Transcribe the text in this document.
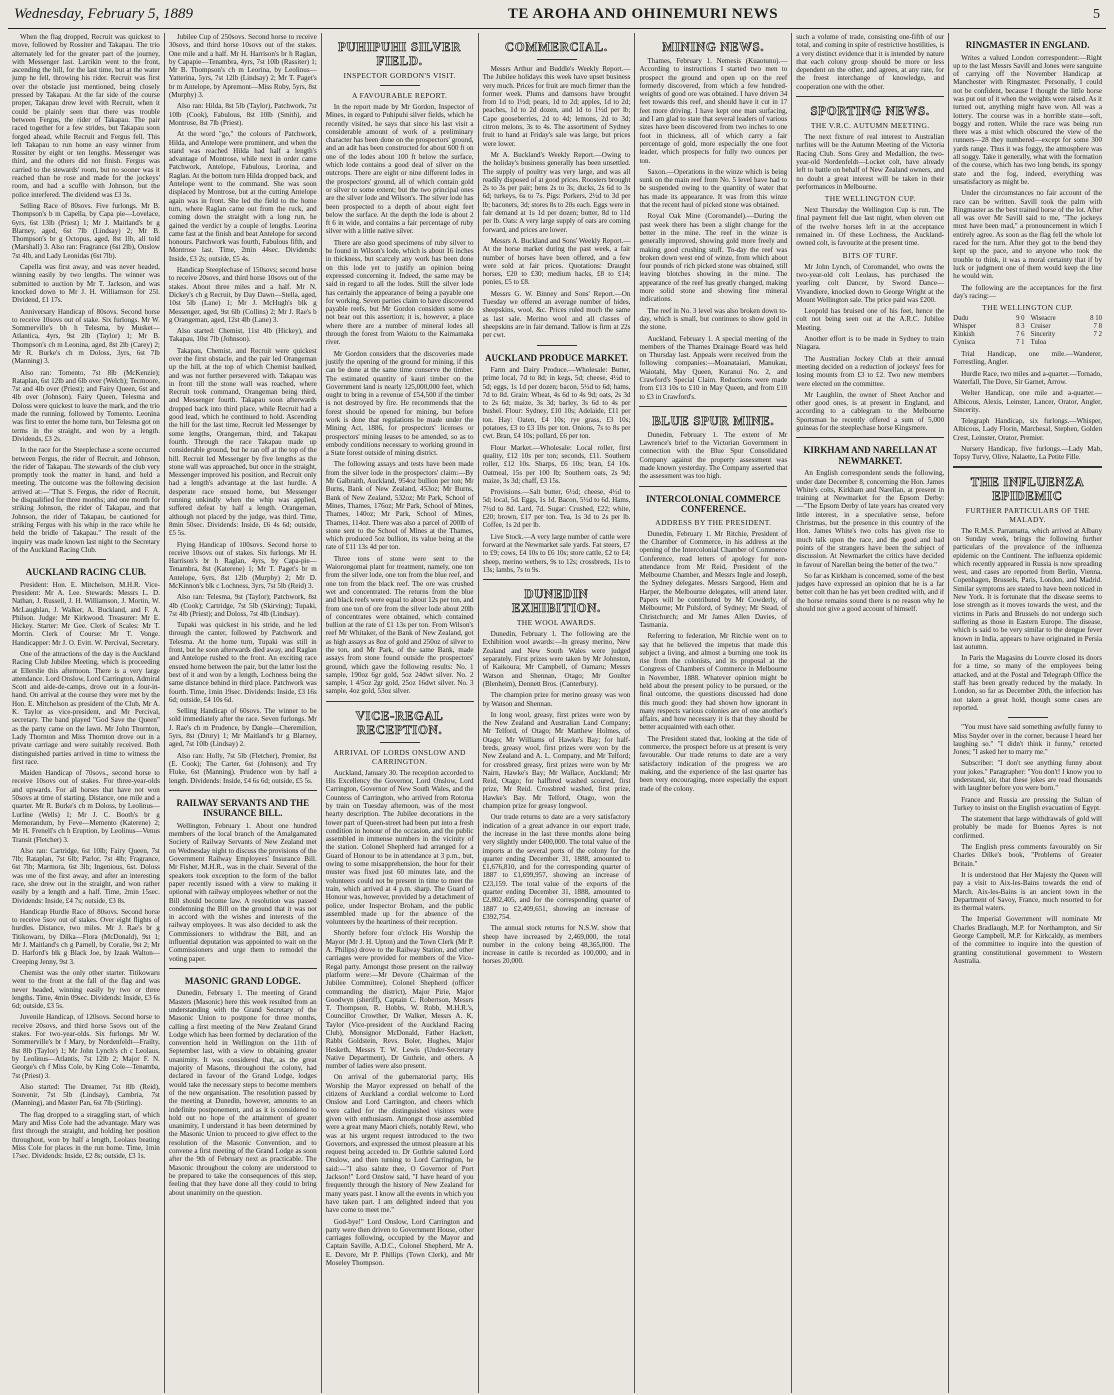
Wednesday, February 5, 1889	TE AROHA AND OHINEMURI NEWS	5

When the flag dropped, Recruit was quickest to move, followed by Rossiter and Takapau. The trio alternately led for the greater part of the journey, with Messenger last. Larrikin went to the front, ascending the hill, for the last time, but at the water jump he fell, throwing his rider. Recruit was first over the obstacle just mentioned, being closely pressed by Takapau. At the far side of the course proper, Takapau drew level with Recruit, when it could be plainly seen that there was trouble between Fergus, the rider of Takapau. The pair raced together for a few strides, but Takapau soon forged ahead, while Recruit and Fergus fell. This left Takapau to run home an easy winner from Rossiter by eight or ten lengths. Messenger was third, and the others did not finish. Fergus was carried to the stewards' room, but no sooner was it reached than he rose and made for the jockeys' room, and had a scuffle with Johnson, but the police interfered. The dividend was £3 3s.

Selling Race of 80sovs. Five furlongs. Mr B. Thompson's b m Capella, by Capa pie—Lovelace, 6yrs, 6st 13lb (Priest) 1; Mr J. Maitland's br g Blarney, aged, 6st 7lb (Lindsay) 2; Mr B. Thompson's br g Octopus, aged, 8st 1lb, all told (Marshall) 3. Also ran: Fragrance (6st 2lb), Onslow 7st 4lb, and Lady Leonidas (6st 7lb).

Capella was first away, and was never headed, winning easily by two lengths. The winner was submitted to auction by Mr T. Jackson, and was knocked down to Mr J. H. Williamson for 25l. Dividend, £1 17s.

Anniversary Handicap of 80sovs. Second horse to receive 10sovs out of stake. Six furlongs. Mr W. Sommerville's bh h Telesma, by Musket—Atlantica, 4yrs, 9st 2lb (Taylor) 1; Mr B. Thompson's ch m Leonina, aged, 8st 2lb (Carey) 2; Mr R. Burke's ch m Doloss, 3yrs, 6st 7lb (Manning) 3.

Also ran: Tomento, 7st 8lb (McKenzie); Rataplan, 6st 12lb and 6lb over (Welch); Tecmoore, 7st and 4lb over (Priest); and Fairy Queen, 6st and 4lb over (Johnson). Fairy Queen, Telesma and Doloss were quickest to leave the mark, and the trio made the running, followed by Tomento. Leonina was first to enter the home turn, but Telesma got on terms in the straight, and won by a length. Dividends, £3 2s.

In the race for the Steeplechase a scene occurred between Fergus, the rider of Recruit, and Johnson, the rider of Takapau. The stewards of the club very promptly took the matter in hand, and held a meeting. The outcome was the following decision arrived at:—"That S. Fergus, the rider of Recruit, be disqualified for three months; and one month for striking Johnson, the rider of Takapau, and that Johnson, the rider of Takapau, be cautioned for striking Fergus with his whip in the race while he held the bridle of Takapau." The result of the inquiry was made known last night to the Secretary of the Auckland Racing Club.

AUCKLAND RACING CLUB.

President: Hon. E. Mitchelson, M.H.R. Vice-President: Mr A. Lee. Stewards: Messrs L. D. Nathan, J. Russell, J. H. Williamson, J. Mortin, W. McLaughlan, J. Walker, A. Buckland, and F. A. Philson. Judge: Mr Kirkwood. Treasurer: Mr E. Hickey. Starter: Mr Gee. Clerk of Scales: Mr T. Morrin. Clerk of Course: Mr T. Vonge. Handicapper: Mr J. O. Evitt. W. Percival, Secretary.

One of the attractions of the day is the Auckland Racing Club Jubilee Meeting, which is proceeding at Ellerslie this afternoon. There is a very large attendance. Lord Onslow, Lord Carrington, Admiral Scott and aide-de-camps, drove out in a four-in-hand. On arrival at the course they were met by the Hon. E. Mitchelson as president of the Club, Mr A. K. Taylor as vice-president, and Mr Percival, secretary. The band played "God Save the Queen" as the party came on the lawn. Mr John Thornton, Lady Thornton and Miss Thornton drove out in a private carriage and were suitably received. Both distinguished parties arrived in time to witness the first race.

Maiden Handicap of 70sovs., second horse to receive 10sovs out of stakes. For three-year-olds and upwards. For all horses that have not won 50sovs at time of starting. Distance, one mile and a quarter. Mr R. Burke's ch m Doloss, by Leolinus—Lurline (Wells) 1; Mr J. C. Booth's br g Memorandum, by Feve—Memento (Katerene) 2; Mr H. Frenell's ch h Eruption, by Leolinus—Venus Transit (Fletcher) 3.

Also ran: Cartridge, 6st 10lb; Fairy Queen, 7st 7lb; Rataplan, 7st 6lb; Parlor, 7st 4lb; Fragrance, 6st 7lb; Marmora, 6st 3lb; Ingenious, 6st. Doloss was one of the first away, and after an interesting race, she drew out in the straight, and won rather easily by a length and a half. Time, 2min 15sec. Dividends: Inside, £4 7s; outside, £3 8s.

Handicap Hurdle Race of 80sovs. Second horse to receive 5sov out of stakes. Over eight flights of hurdles. Distance, two miles. Mr J. Rae's br g Titikowaru, by Dilka—Flora (McDonald), 9st 1; Mr J. Maitland's ch g Parnell, by Coralie, 9st 2; Mr D. Harford's blk g Black Joe, by Izaak Walton—Creeping Jenny, 9st 3.

Chemist was the only other starter. Titikowaru went to the front at the fall of the flag and was never headed, winning easily by two or three lengths. Time, 4min 09sec. Dividends: Inside, £3 6s 6d; outside, £3 5s.

Juvenile Handicap, of 120sovs. Second horse to receive 20sovs, and third horse 5sovs out of the stakes. For two-year-olds. Six furlongs. Mr W. Sommerville's br f Mary, by Nordenfeldt—Frailty, 8st 8lb (Taylor) 1; Mr John Lynch's ch c Leolaus, by Leolinus—Atlantis, 7st 12lb 2; Major F. N. George's ch f Miss Cole, by King Cole—Tenamba, 7st (Priest) 3.

Also started: The Dreamer, 7st 8lb (Reid), Souvenir, 7st 5lb (Lindsay), Cambria, 7st (Manning), and Master Pan, 6st 7lb (Stirling).

The flag dropped to a straggling start, of which Mary and Miss Cole had the advantage. Mary was first through the straight, and holding her position throughout, won by half a length, Leolaus beating Miss Cole for places in the run home. Time, 1min 17sec. Dividends: Inside, £2 8s; outside, £3 1s.

Jubilee Cup of 250sovs. Second horse to receive 30sovs, and third horse 10sovs out of the stakes. One mile and a half. Mr H. Harrison's br h Raglan, by Capapie—Tenambra, 4yrs, 7st 10lb (Rassiter) 1; Mr B. Thompson's ch m Leorina, by Leolinus—Yatterina, 5yrs, 7st 12lb (Lindsay) 2; Mr T. Paget's br m Antelope, by Apremont—Miss Roby, 5yrs, 8st (Murphy) 3.

Also ran: Hilda, 8st 5lb (Taylor), Patchwork, 7st 10lb (Cook), Fabulous, 8st 10lb (Smith), and Montrose, 8st 7lb (Priest).

At the word "go," the colours of Patchwork, Hilda, and Antelope were prominent, and when the stand was reached Hilda had half a length's advantage of Montrose, while next in order came Patchwork, Antelope, Fabulous, Leorina, and Raglan. At the bottom turn Hilda dropped back, and Antelope went to the command. She was soon displaced by Montrose, but at the cutting Antelope again was in front. She led the field to the home turn, where Raglan came out from the ruck, and coming down the straight with a long run, he gained the verdict by a couple of lengths. Leorina came fast at the finish and beat Antelope for second honours. Patchwork was fourth, Fabulous fifth, and Montrose last. Time, 2min 44sec. Dividends: Inside, £3 2s; outside, £5 4s.

Handicap Steeplechase of 150sovs; second horse to receive 20sovs, and third horse 10sovs out of the stakes. About three miles and a half. Mr N. Dickey's ch g Recruit, by Day Dawn—Stella, aged, 10st 5lb (Lane) 1; Mr J. McHugh's blk g Messenger, aged, 9st 6lb (Collins) 2; Mr J. Rae's b g Orangeman, aged, 12st 4lb (Lane) 3.

Also started: Chemist, 11st 4lb (Hickey), and Takapau, 10st 7lb (Johnson).

Takapau, Chemist, and Recruit were quickest over the first obstacle, and the pair led Orangeman up the hill, at the top of which Chemist baulked, and was not further persevered with. Takapau was in front till the stone wall was reached, where Recruit took command, Orangeman being third, and Messenger fourth. Takapau soon afterwards dropped back into third place, while Recruit had a good lead, which he continued to hold. Ascending the hill for the last time, Recruit led Messenger by some lengths, Orangeman, third, and Takapau fourth. Through the race Takapau made up considerable ground, but he ran off at the top of the hill. Recruit led Messenger by five lengths as the stone wall was approached, but once in the straight, Messenger improved his position, and Recruit only had a length's advantage at the last hurdle. A desperate race ensued home, but Messenger running unkindly when the whip was applied, suffered defeat by half a length. Orangeman, although not placed by the judge, was third. Time, 8min 50sec. Dividends: Inside, £6 4s 6d; outside, £5 5s.

Flying Handicap of 100sovs. Second horse to receive 10sovs out of stakes. Six furlongs. Mr H. Harrison's br h Raglan, 4yrs, by Capa-pie—Tenambra, 8st (Katerene) 1; Mr T. Paget's br m Antelope, 6yrs, 8st 12lb (Murphy) 2; Mr D. McKinnon's blk c Lochness, 3yrs, 7st 5lb (Reid) 3.

Also ran: Telesma, 9st (Taylor); Patchwork, 8st 4lb (Cook); Cartridge, 7st 5lb (Skirving); Tupaki, 7st 4lb (Priest); and Doloss, 7st 4lb (Lindsay).

Tupaki was quickest in his stride, and he led through the canter, followed by Patchwork and Telesma. At the home turn, Tupaki was still in front, but he soon afterwards died away, and Raglan and Antelope rushed to the front. An exciting race ensued home between the pair, but the latter lost the best of it and won by a length, Lochness being the same distance behind in third place. Patchwork was fourth. Time, 1min 19sec. Dividends: Inside, £3 16s 6d; outside, £4 10s 6d.

Selling Handicap of 60sovs. The winner to be sold immediately after the race. Seven furlongs. Mr J. Rae's ch m Prudence, by Dangle—Cheremilion, 5yrs, 8st (Drury) 1; Mr Maitland's br g Blarney, aged, 7st 10lb (Lindsay) 2.

Also ran: Holly, 7st 5lb (Fletcher), Premier, 8st (E. Cook); The Carter, 6st (Johnson); and Try Fluke, 6st (Manning). Prudence won by half a length. Dividends: Inside, £4 6s 6d; outside, £5 5s.

RAILWAY SERVANTS AND THE INSURANCE BILL.

Wellington, February 1. About one hundred members of the local branch of the Amalgamated Society of Railway Servants of New Zealand met on Wednesday night to discuss the provisions of the Government Railway Employees' Insurance Bill. Mr Fisher, M.H.R., was in the chair. Several of the speakers took exception to the form of the ballot paper recently issued with a view to making it optional with railway employees whether or not the Bill should become law. A resolution was passed condemning the Bill on the ground that it was not in accord with the wishes and interests of the railway employees. It was also decided to ask the Commissioners to withdraw the Bill, and an influential deputation was appointed to wait on the Commissioners and urge them to remodel the voting paper.

MASONIC GRAND LODGE.

Dunedin, February 1. The meeting of Grand Masters (Masonic) here this week resulted from an understanding with the Grand Secretary of the Masonic Union to postpone for three months, calling a first meeting of the New Zealand Grand Lodge which has been formed by declaration of the convention held in Wellington on the 11th of September last, with a view to obtaining greater unanimity. It was considered that, as the great majority of Masons, throughout the colony, had declared in favour of the Grand Lodge, lodges would take the necessary steps to become members of the new organisation. The resolution passed by the meeting at Dunedin, however, amounts to an indefinite postponement, and as it is considered to hold out no hope of the attainment of greater unanimity, I understand it has been determined by the Masonic Union to proceed to give effect to the resolution of the Masonic Convention, and to convene a first meeting of the Grand Lodge as soon after the 9th of February next as practicable. The Masonic throughout the colony are understood to be prepared to take the consequences of this step, feeling that they have done all they could to bring about unanimity on the question.

PUHIPUHI SILVER FIELD.
INSPECTOR GORDON'S VISIT.
A FAVOURABLE REPORT.

In the report made by Mr Gordon, Inspector of Mines, in regard to Puhipuhi silver fields, which he recently visited, he says that since his last visit a considerable amount of work of a preliminary character has been done on the prospectors' ground, and an adit has been constructed for about 600 ft on one of the lodes about 100 ft below the surface, which lode contains a good deal of silver on the outcrops. There are eight or nine different lodes in the prospectors' ground, all of which contain gold or silver to some extent; but the two principal ones are the silver lode and Wilson's. The silver lode has been prospected to a depth of about eight feet below the surface. At the depth the lode is about 2 ft 6 in wide, and contains a fair percentage of ruby silver with a little native silver.

There are also good specimens of ruby silver to be found in Wilson's lode, which is about 16 inches in thickness, but scarcely any work has been done on this lode yet to justify an opinion being expressed concerning it. Indeed, the same may be said in regard to all the lodes. Still the silver lode has certainly the appearance of being a payable one for working. Seven parties claim to have discovered payable reefs, but Mr Gordon considers some do not bear out this assertion; it is, however, a place where there are a number of mineral lodes all through the forest from Waiotu to the Kaimamaka river.

Mr Gordon considers that the discoveries made justify the opening of the ground for mining, if this can be done at the same time conserve the timber. The estimated quantity of kauri timber on the Government land is nearly 125,000,000 feet, which ought to bring in a revenue of £54,500 if the timber is not destroyed by fire. He recommends that the forest should be opened for mining, but before work is done that regulations be made under the Mining Act, 1886, for prospectors' licenses or prospectors' mining leases to be amended, so as to embody conditions necessary to working ground in a State forest outside of mining district.

The following assays and tests have been made from the silver lode in the prospectors' claim:—By Mr Galbraith, Auckland, 954oz bullion per ton; Mr Burns, Bank of New Zealand, 453oz; Mr Burns, Bank of New Zealand, 532oz; Mr Park, School of Mines, Thames, 176oz; Mr Park, School of Mines, Thames, 140oz; Mr Park, School of Mines, Thames, 114oz. There was also a parcel of 200lb of stone sent to the School of Mines at the Thames, which produced 5oz bullion, its value being at the rate of £11 13s 4d per ton.

Three tons of stone were sent to the Waiorongomai plant for treatment, namely, one ton from the silver lode, one ton from the blue reef, and one ton from the black reef. The ore was crushed wet and concentrated. The returns from the blue and black reefs were equal to about 12s per ton, and from one ton of ore from the silver lode about 20lb of concentrates were obtained, which contained bullion at the rate of £1 13s per ton. From Wilson's reef Mr Whitaker, of the Bank of New Zealand, got as high assays as 8oz of gold and 250oz of silver to the ton, and Mr Park, of the same Bank, made assays from stone found outside the prospectors' ground, which gave the following results: No. 1 sample, 190oz 6gr gold, 5oz 24dwt silver. No. 2 sample, 1 4/5oz 2gr gold, 25oz 16dwt silver. No. 3 sample, 4oz gold, 53oz silver.

VICE-REGAL RECEPTION.
ARRIVAL OF LORDS ONSLOW AND CARRINGTON.

Auckland, January 30. The reception accorded to His Excellency the Governor, Lord Onslow, Lord Carrington, Governor of New South Wales, and the Countess of Carrington, who arrived from Rotorua by train on Tuesday afternoon, was of the most hearty description. The Jubilee decorations in the lower part of Queen-street had been put into a fresh condition in honour of the occasion, and the public assembled in immense numbers in the vicinity of the station. Colonel Shepherd had arranged for a Guard of Honour to be in attendance at 3 p.m., but, owing to some misapprehension, the hour for their muster was fixed just 60 minutes late, and the volunteers could not be present in time to meet the train, which arrived at 4 p.m. sharp. The Guard of Honour was, however, provided by a detachment of police, under Inspector Broham, and the public assembled made up for the absence of the volunteers by the heartiness of their reception.

Shortly before four o'clock His Worship the Mayor (Mr J. H. Upton) and the Town Clerk (Mr P. A. Philips) drove to the Railway Station, and other carriages were provided for members of the Vice-Regal party. Amongst those present on the railway platform were:—Mr Devore (Chairman of the Jubilee Committee), Colonel Shepherd (officer commanding the district), Major Pirie, Major Goodwyn (sheriff), Captain C. Robertson, Messrs T. Thompson, R. Hobbs, W. Robb, M.H.R.'s, Councillor Crowther, Dr Walker, Messrs A. K. Taylor (Vice-president of the Auckland Racing Club), Monsignor McDonald, Father Hackett, Rabbi Goldstein, Revs. Boler, Hughes, Major Hesketh, Messrs T. W. Lewis (Under-Secretary Native Department), Dr Guthrie, and others. A number of ladies were also present.

On arrival of the gubernatorial party, His Worship the Mayor expressed on behalf of the citizens of Auckland a cordial welcome to Lord Onslow and Lord Carrington, and cheers which were called for the distinguished visitors were given with enthusiasm. Amongst those assembled were a great many Maori chiefs, notably Rewi, who was at his urgent request introduced to the two Governors, and expressed the utmost pleasure at his request being acceded to. Dr Guthrie saluted Lord Onslow, and then turning to Lord Carrington, he said:—"I also salute thee, O Governor of Port Jackson!" Lord Onslow said, "I have heard of you frequently through the history of New Zealand for many years past. I know all the events in which you have taken part. I am delighted indeed that you have come to meet me."

God-bye!" Lord Onslow, Lord Carrington and party were then driven to Government House, other carriages following, occupied by the Mayor and Captain Saville, A.D.C., Colonel Shepherd, Mr A. E. Devore, Mr P. Phillips (Town Clerk), and Mr Moseley Thompson.

COMMERCIAL.

Messrs Arthur and Buddle's Weekly Report.—The Jubilee holidays this week have upset business very much. Prices for fruit are much firmer than the former week. Plums and damsons have brought from 1d to 1½d; pears, 1d to 2d; apples, 1d to 2d; peaches, 1d to 2d dozen, and 1d to 1½d per lb; Cape gooseberries, 2d to 4d; lemons, 2d to 3d; citron melons, 3s to 4s. The assortment of Sydney fruit to hand at Friday's sale was large, but prices were lower.

Mr A. Buckland's Weekly Report.—Owing to the holiday's business generally has been unsettled. The supply of poultry was very large, and was all readily disposed of at good prices. Roosters brought 2s to 3s per pair; hens 2s to 3s; ducks, 2s 6d to 3s 6d; turkeys, 6s to 7s. Pigs: Porkers, 2½d to 3d per lb; baconers, 3d; stores 8s to 20s each. Eggs were in fair demand at 1s 1d per dozen; butter, 8d to 11d per lb. Oats: A very large supply of oats are coming forward, and prices are lower.

Messrs A. Buckland and Sons' Weekly Report.—At the horse market during the past week, a fair number of horses have been offered, and a few were sold at fair prices. Quotations: Draught horses, £20 to £30; medium hacks, £8 to £14; ponies, £5 to £8.

Messrs G. W. Binney and Sons' Report.—On Tuesday we offered an average number of hides, sheepskins, wool, &c. Prices ruled much the same as last sale. Merino wool and all classes of sheepskins are in fair demand. Tallow is firm at 22s per cwt.

AUCKLAND PRODUCE MARKET.

Farm and Dairy Produce.—Wholesale: Butter, prime local, 7d to 8d; in kegs, 5d; cheese, 4½d to 5d; eggs, 1s 1d per dozen; bacon, 5½d to 6d; hams, 7d to 8d. Grain: Wheat, 4s 6d to 4s 9d; oats, 2s 3d to 2s 6d; maize, 3s 3d; barley, 3s 6d to 4s per bushel. Flour: Sydney, £10 10s; Adelaide, £11 per ton. Hay: Oaten, £4 10s; rye grass, £3 10s; potatoes, £3 to £3 10s per ton. Onions, 7s to 8s per cwt. Bran, £4 10s; pollard, £6 per ton.

Flour Market.—Wholesale: Local roller, first quality, £12 10s per ton; seconds, £11. Southern roller, £12 10s. Sharps, £6 10s; bran, £4 10s. Oatmeal, 15s per 100 lb; Southern oats, 2s 9d; maize, 3s 3d; chaff, £3 15s.

Provisions.—Salt butter, 6½d; cheese, 4½d to 5d; local, 5d. Eggs, 1s 1d. Bacon, 5½d to 6d. Hams, 7½d to 8d. Lard, 7d. Sugar: Crushed, £22; white, £20; brown, £17 per ton. Tea, 1s 3d to 2s per lb. Coffee, 1s 2d per lb.

Live Stock.—A very large number of cattle were forward at the Newmarket sale yards. Fat steers, £7 to £9; cows, £4 10s to £6 10s; store cattle, £2 to £4; sheep, merino wethers, 9s to 12s; crossbreds, 11s to 13s; lambs, 7s to 9s.

DUNEDIN EXHIBITION.
THE WOOL AWARDS.

Dunedin, February 1. The following are the Exhibition wool awards:—In greasy merino, New Zealand and New South Wales were judged separately. First prizes were taken by Mr Johnston, of Kaikoura; Mr Campbell, of Oamaru; Messrs Watson and Shennan, Otago; Mr Goulter (Blenheim), Dennett Bros. (Canterbury).

The champion prize for merino greasy was won by Watson and Shennan.

In long wool, greasy, first prizes were won by the New Zealand and Australian Land Company; Mr Telford, of Otago; Mr Matthew Holmes, of Otago; Mr Williams of Hawke's Bay; for half-breds, greasy wool, first prizes were won by the New Zealand and A. L. Company, and Mr Telford; for crossbred greasy, first prizes were won by Mr Nairn, Hawke's Bay; Mr Wallace, Auckland; Mr Reid, Otago; for halfbred washed scoured, first prize, Mr Reid. Crossbred washed, first prize, Hawke's Bay. Mr Telford, Otago, won the champion prize for greasy longwool.

Our trade returns to date are a very satisfactory indication of a great advance in our export trade, the increase in the last three months alone being very slightly under £400,000. The total value of the imports at the several ports of the colony for the quarter ending December 31, 1888, amounted to £1,676,810, and for the corresponding quarter of 1887 to £1,699,957, showing an increase of £23,159. The total value of the exports of the quarter ending December 31, 1888, amounted to £2,802,405, and for the corresponding quarter of 1887 to £2,409,651, showing an increase of £392,754.

The annual stock returns for N.S.W. show that sheep have increased by 2,469,000, the total number in the colony being 48,365,000. The increase in cattle is recorded as 100,000, and in horses 20,000.

MINING NEWS.

Thames, February 1. Nemesis (Kuaotunu).—According to instructions I started two men to prospect the ground and open up on the reef formerly discovered, from which a few hundred-weights of good ore was obtained. I have driven 34 feet towards this reef, and should have it cut in 17 feet more driving. I have kept one man surfacing, and I am glad to state that several leaders of various sizes have been discovered from two inches to one foot in thickness, all of which carry a fair percentage of gold, more especially the one foot leader, which prospects for fully two ounces per ton.

Saxon.—Operations in the winze which is being sunk on the main reef from No. 5 level have had to be suspended owing to the quantity of water that has made its appearance. It was from this winze that the recent haul of picked stone was obtained.

Royal Oak Mine (Coromandel).—During the past week there has been a slight change for the better in the mine. The reef in the winze is generally improved, showing gold more freely and making good crushing stuff. To-day the reef was broken down west end of winze, from which about four pounds of rich picked stone was obtained, still leaving blotches showing in the mine. The appearance of the reef has greatly changed, making more solid stone and showing fine mineral indications.

The reef in No. 3 level was also broken down to-day, which is small, but continues to show gold in the stone.

Auckland, February 1. A special meeting of the members of the Thames Drainage Board was held on Thursday last. Appeals were received from the following companies:—Moanataiari, Manukau, Waiotahi, May Queen, Kuranui No. 2, and Crawford's Special Claim. Reductions were made from £13 10s to £10 in May Queen, and from £10 to £3 in Crawford's.

BLUE SPUR MINE.

Dunedin, February 1. The extent of Mr Lawrence's brief to the Victorian Government in connection with the Blue Spur Consolidated Company against the property assessment was made known yesterday. The Company asserted that the assessment was too high.

INTERCOLONIAL COMMERCE CONFERENCE.
ADDRESS BY THE PRESIDENT.

Dunedin, February 1. Mr Ritchie, President of the Chamber of Commerce, in his address at the opening of the Intercolonial Chamber of Commerce Conference, read letters of apology for non-attendance from Mr Reid, President of the Melbourne Chamber, and Messrs Ingle and Joseph, the Sydney delegates. Messrs Sargood, Hem and Harper, the Melbourne delegates, will attend later. Papers will be contributed by Mr Cowderly, of Melbourne; Mr Pulsford, of Sydney; Mr Stead, of Christchurch; and Mr James Allen Davies, of Tasmania.

Referring to federation, Mr Ritchie went on to say that he believed the impetus that made this subject a living, and almost a burning one took its rise from the colonists, and its proposal at the Congress of Chambers of Commerce in Melbourne in November, 1888. Whatever opinion might be held about the present policy to be pursued, or the final outcome, the questions discussed had done this much good: they had shown how ignorant in many respects various colonies are of one another's affairs, and how necessary it is that they should be better acquainted with each other.

The President stated that, looking at the tide of commerce, the prospect before us at present is very favourable. Our trade returns to date are a very satisfactory indication of the progress we are making, and the experience of the last quarter has been very encouraging, more especially the export trade of the colony.

such a volume of trade, consisting one-fifth of our total, and coming in spite of restrictive hostilities, is a very distinct evidence that it is intended by nature that each colony group should be more or less dependent on the other, and agrees, at any rate, for the freest interchange of knowledge, and cooperation one with the other.

SPORTING NEWS.
THE V.R.C. AUTUMN MEETING.

The next fixture of real interest to Australian turfites will be the Autumn Meeting of the Victoria Racing Club. Sons Grey and Medallion, the two-year-old Nordenfeldt—Locket colt, have already left to battle on behalf of New Zealand owners, and no doubt a great interest will be taken in their performances in Melbourne.

THE WELLINGTON CUP.

Next Thursday the Wellington Cup is run. The final payment fell due last night, when eleven out of the twelve horses left in at the acceptance remained in. Of these Lochness, the Auckland-owned colt, is favourite at the present time.

BITS OF TURF.

Mr John Lynch, of Coromandel, who owns the two-year-old colt Leolaus, has purchased the yearling colt Dancer, by Sword Dance—Vivandiere, knocked down to George Wright at the Mount Wellington sale. The price paid was £200.

Leopold has bruised one of his feet, hence the colt not being seen out at the A.R.C. Jubilee Meeting.

Another effort is to be made in Sydney to train Niagara.

The Australian Jockey Club at their annual meeting decided on a reduction of jockeys' fees for losing mounts from £3 to £2. Two new members were elected on the committee.

Mr Laughlin, the owner of Sheet Anchor and other good ones, is at present in England, and according to a cablegram to the Melbourne Sportsman he recently offered a sum of 5,000 guineas for the steeplechase horse Kingsmere.

KIRKHAM AND NARELLAN AT NEWMARKET.

An English correspondent sends the following, under date December 8, concerning the Hon. James White's colts, Kirkham and Narellan, at present in training at Newmarket for the Epsom Derby:—"The Epsom Derby of late years has created very little interest, in a speculative sense, before Christmas, but the presence in this country of the Hon. James White's two colts has given rise to much talk upon the race, and the good and bad points of the strangers have been the subject of discussion. At Newmarket the critics have decided in favour of Narellan being the better of the two."

So far as Kirkham is concerned, some of the best judges have expressed an opinion that he is a far better colt than he has yet been credited with, and if the horse remains sound there is no reason why he should not give a good account of himself.

RINGMASTER IN ENGLAND.

Writes a valued London correspondent:—Right up to the last Messrs Savill and Jones were sanguine of carrying off the November Handicap at Manchester with Ringmaster. Personally, I could not be confident, because I thought the little horse was put out of it when the weights were raised. As it turned out, anything might have won. All was a lottery. The course was in a horrible state—soft, boggy and rotten. While the race was being run there was a mist which obscured the view of the runners—28 they numbered—except for some 300 yards range. Thus it was foggy, the atmosphere was all soggy. Take it generally, what with the formation of the course, which has two long bends, its spongy state and the fog, indeed, everything was unsatisfactory as might be.

Under the circumstances no fair account of the race can be written. Savill took the palm with Ringmaster as the best trained horse of the lot. After all was over Mr Savill said to me, "The jockeys must have been mad," a pronouncement in which I entirely agree. As soon as the flag fell the whole lot raced for the turn. After they got to the bend they kept up the pace, and to anyone who took the trouble to think, it was a moral certainty that if by luck or judgment one of them would keep the line he would win.

The following are the acceptances for the first day's racing:—

THE WELLINGTON CUP.
Dudu	9 0
Whisper	8 3
Kinkish	7 6
Cynisca	7 1
Wiseacre	8 10
Cruiser	7 8
Sincerity	7 2
Tuloa

Trial Handicap, one mile.—Wanderer, Forrestling, Angler.

Hurdle Race, two miles and a-quarter.—Tornado, Waterfall, The Dove, Sir Garnet, Arrow.

Welter Handicap, one mile and a-quarter.—Albicous, Alexis, Leinster, Lancer, Orator, Angler, Sincerity.

Telegraph Handicap, six furlongs.—Whisper, Albicous, Lady Florin, Marchesal, Stephen, Golden Crest, Leinster, Orator, Premier.

Nursery Handicap, five furlongs.—Lady Mab, Topsy Turvy, Olive, Nalaette, La Petite Fille.

THE INFLUENZA EPIDEMIC
FURTHER PARTICULARS OF THE MALADY.

The R.M.S. Parramatta, which arrived at Albany on Sunday week, brings the following further particulars of the prevalence of the influenza epidemic on the Continent. The influenza epidemic which recently appeared in Russia is now spreading west, and cases are reported from Berlin, Vienna, Copenhagen, Brussels, Paris, London, and Madrid. Similar symptoms are stated to have been noticed in New York. It is fortunate that the disease seems to lose strength as it moves towards the west, and the victims in Paris and Brussels do not undergo such suffering as those in Eastern Europe. The disease, which is said to be very similar to the dengue fever known in India, appears to have originated in Persia last autumn.

In Paris the Magasins du Louvre closed its doors for a time, so many of the employees being attacked, and at the Postal and Telegraph Office the staff has been greatly reduced by the malady. In London, so far as December 20th, the infection has not taken a great hold, though some cases are reported.

"You must have said something awfully funny to Miss Snyder over in the corner, because I heard her laughing so." "I didn't think it funny," retorted Jones; "I asked her to marry me."

Subscriber: "I don't see anything funny about your jokes." Paragrapher: "You don't! I know you to understand, sir, that these jokes are read thousands with laughter before you were born."

France and Russia are pressing the Sultan of Turkey to insist on the English evacuation of Egypt.

The statement that large withdrawals of gold will probably be made for Buenos Ayres is not confirmed.

The English press comments favourably on Sir Charles Dilke's book, "Problems of Greater Britain."

It is understood that Her Majesty the Queen will pay a visit to Aix-les-Bains towards the end of March. Aix-les-Bains is an ancient town in the Department of Savoy, France, much resorted to for its thermal waters.

The Imperial Government will nominate Mr Charles Bradlaugh, M.P. for Northampton, and Sir George Campbell, M.P. for Kirkcaldy, as members of the committee to inquire into the question of granting constitutional government to Western Australia.
